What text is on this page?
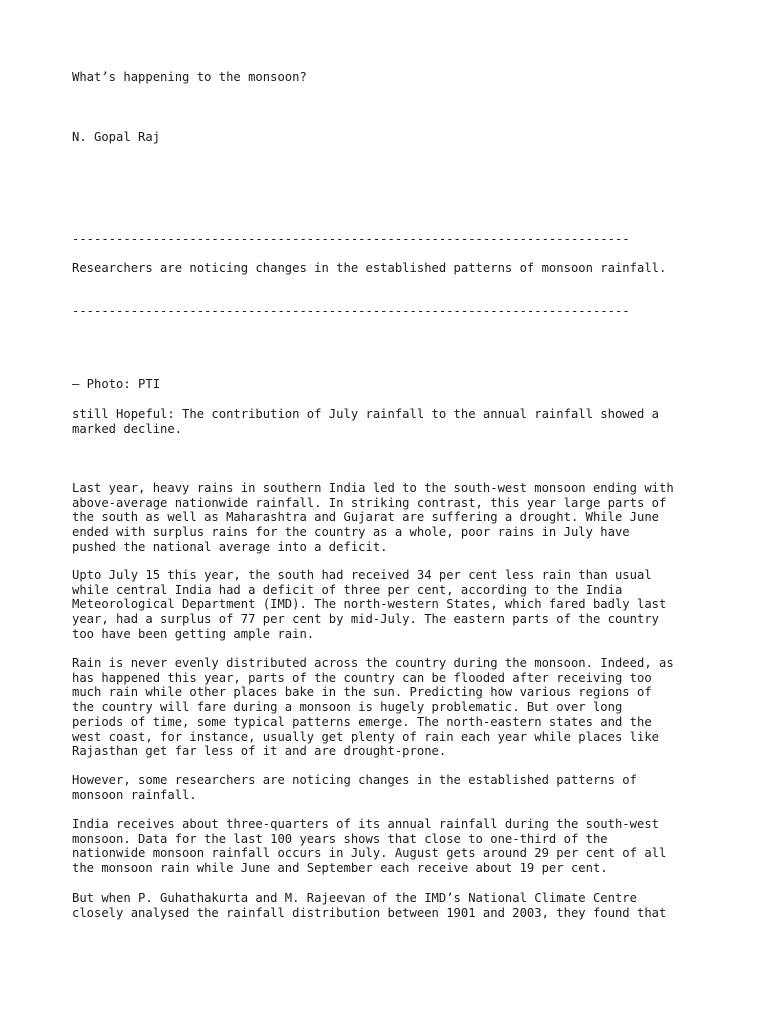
What’s happening to the monsoon?
N. Gopal Raj
----------------------------------------------------------------------------
Researchers are noticing changes in the established patterns of monsoon rainfall.
----------------------------------------------------------------------------
— Photo: PTI
still Hopeful: The contribution of July rainfall to the annual rainfall showed a
marked decline.
Last year, heavy rains in southern India led to the south-west monsoon ending with
above-average nationwide rainfall. In striking contrast, this year large parts of
the south as well as Maharashtra and Gujarat are suffering a drought. While June
ended with surplus rains for the country as a whole, poor rains in July have
pushed the national average into a deficit.
Upto July 15 this year, the south had received 34 per cent less rain than usual
while central India had a deficit of three per cent, according to the India
Meteorological Department (IMD). The north-western States, which fared badly last
year, had a surplus of 77 per cent by mid-July. The eastern parts of the country
too have been getting ample rain.
Rain is never evenly distributed across the country during the monsoon. Indeed, as
has happened this year, parts of the country can be flooded after receiving too
much rain while other places bake in the sun. Predicting how various regions of
the country will fare during a monsoon is hugely problematic. But over long
periods of time, some typical patterns emerge. The north-eastern states and the
west coast, for instance, usually get plenty of rain each year while places like
Rajasthan get far less of it and are drought-prone.
However, some researchers are noticing changes in the established patterns of
monsoon rainfall.
India receives about three-quarters of its annual rainfall during the south-west
monsoon. Data for the last 100 years shows that close to one-third of the
nationwide monsoon rainfall occurs in July. August gets around 29 per cent of all
the monsoon rain while June and September each receive about 19 per cent.
But when P. Guhathakurta and M. Rajeevan of the IMD’s National Climate Centre
closely analysed the rainfall distribution between 1901 and 2003, they found that
